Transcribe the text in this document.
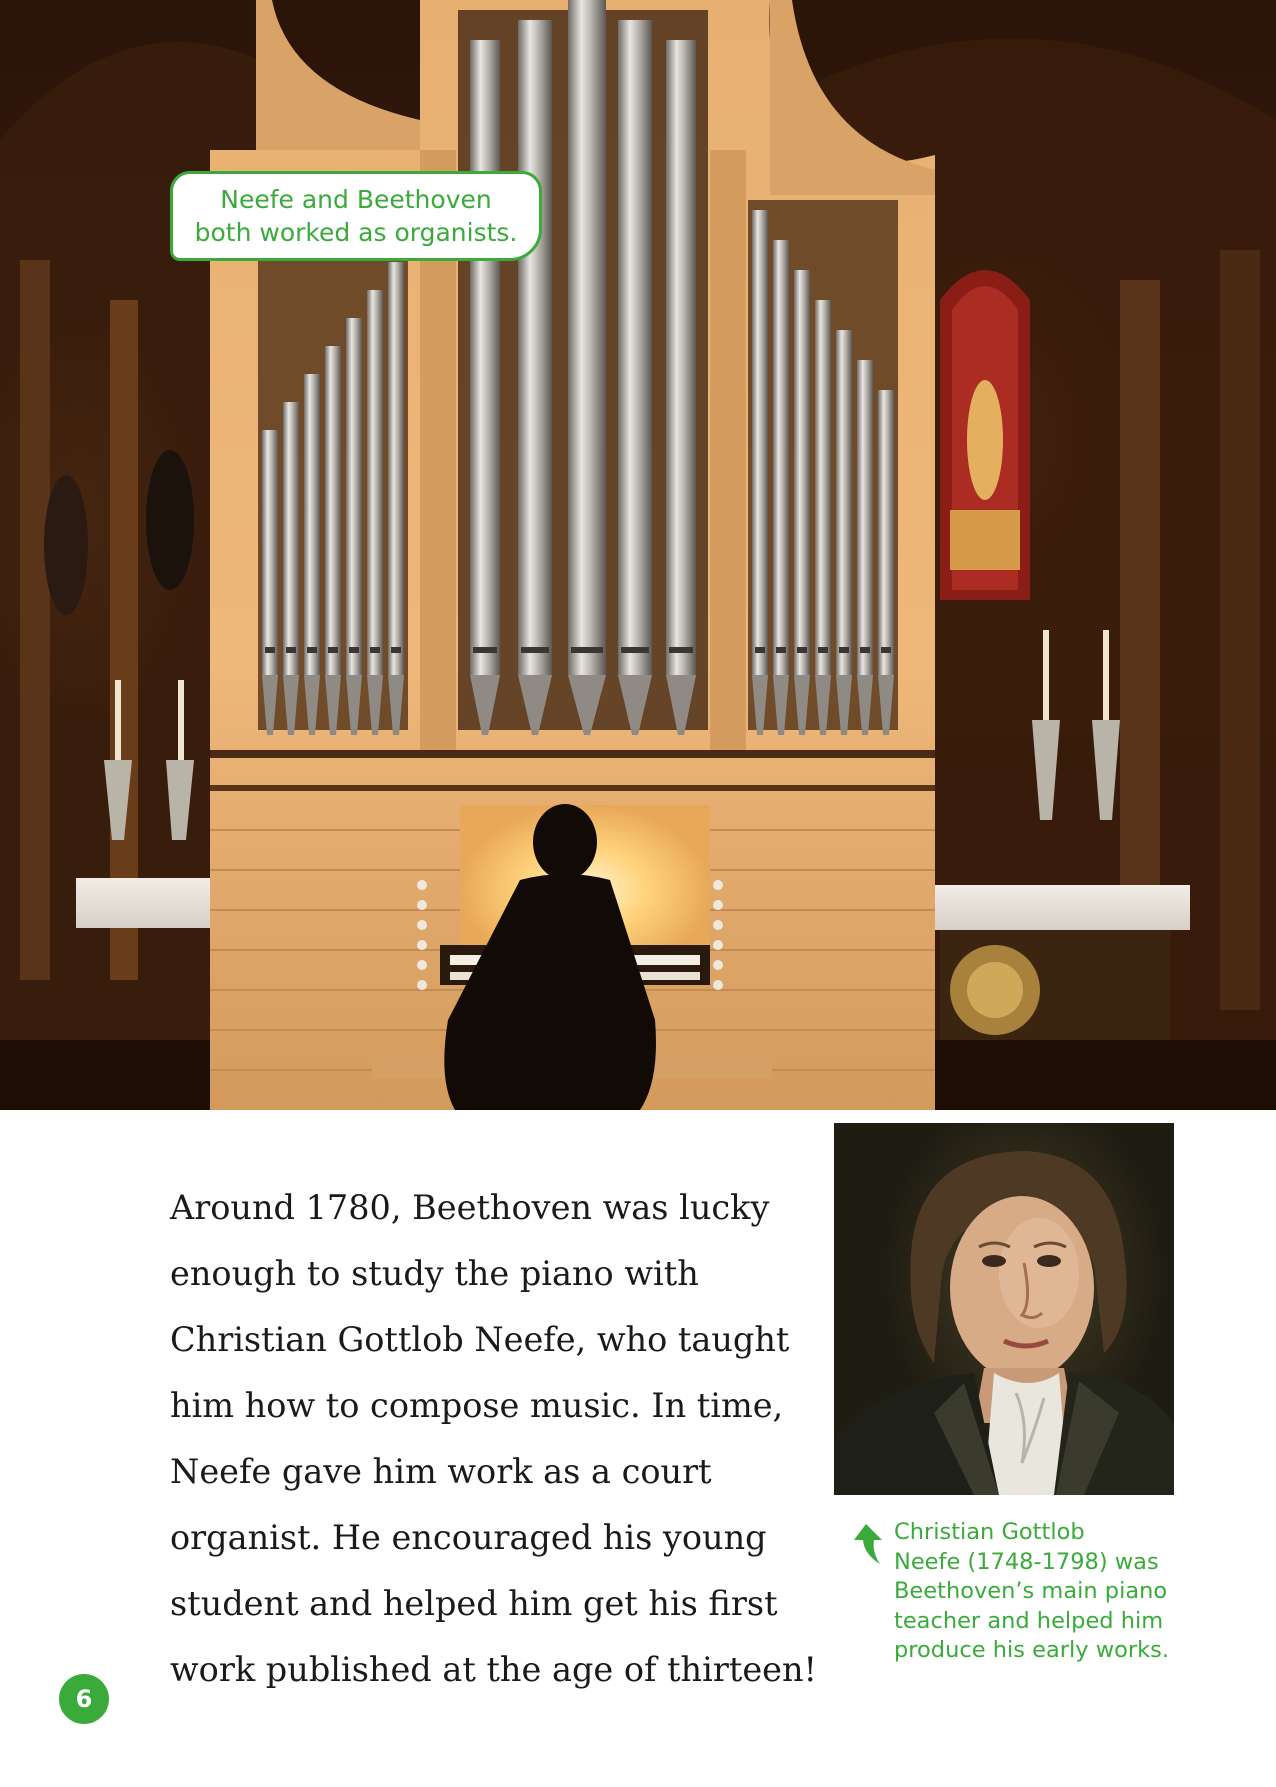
Neefe and Beethoven
both worked as organists.
Around 1780, Beethoven was lucky
enough to study the piano with
Christian Gottlob Neefe, who taught
him how to compose music. In time,
Neefe gave him work as a court
organist. He encouraged his young
student and helped him get his first
work published at the age of thirteen!
Christian Gottlob
Neefe (1748-1798) was
Beethoven’s main piano
teacher and helped him
produce his early works.
6
